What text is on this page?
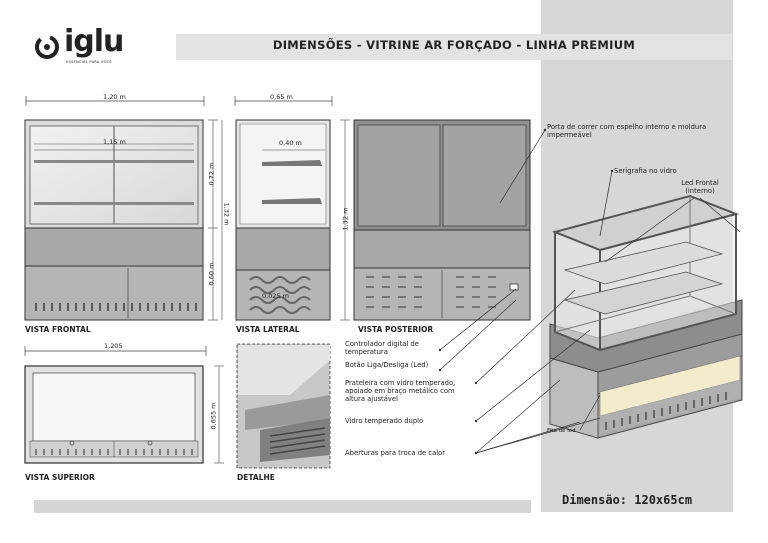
iglu
ESSENCIAL PARA VOCÊ
DIMENSÕES - VITRINE AR FORÇADO - LINHA PREMIUM
1,20 m
1,15 m
0,65 m
0,40 m
0,72 m
1,32 m	1,32 m
0,60 m
0,025 m
1,205
0,655 m
VISTA FRONTAL	VISTA LATERAL	VISTA POSTERIOR
VISTA SUPERIOR	DETALHE
Porta de correr com espelho interno e moldura impermeável
Serigrafia no vidro
Led Frontal (interno)
Controlador digital de temperatura
Botão Liga/Desliga (Led)
Prateleira com vidro temperado, apoiado em braço metálico com altura ajustável
Vidro temperado duplo
Aberturas para troca de calor
Fita de led
Dimensão: 120x65cm
